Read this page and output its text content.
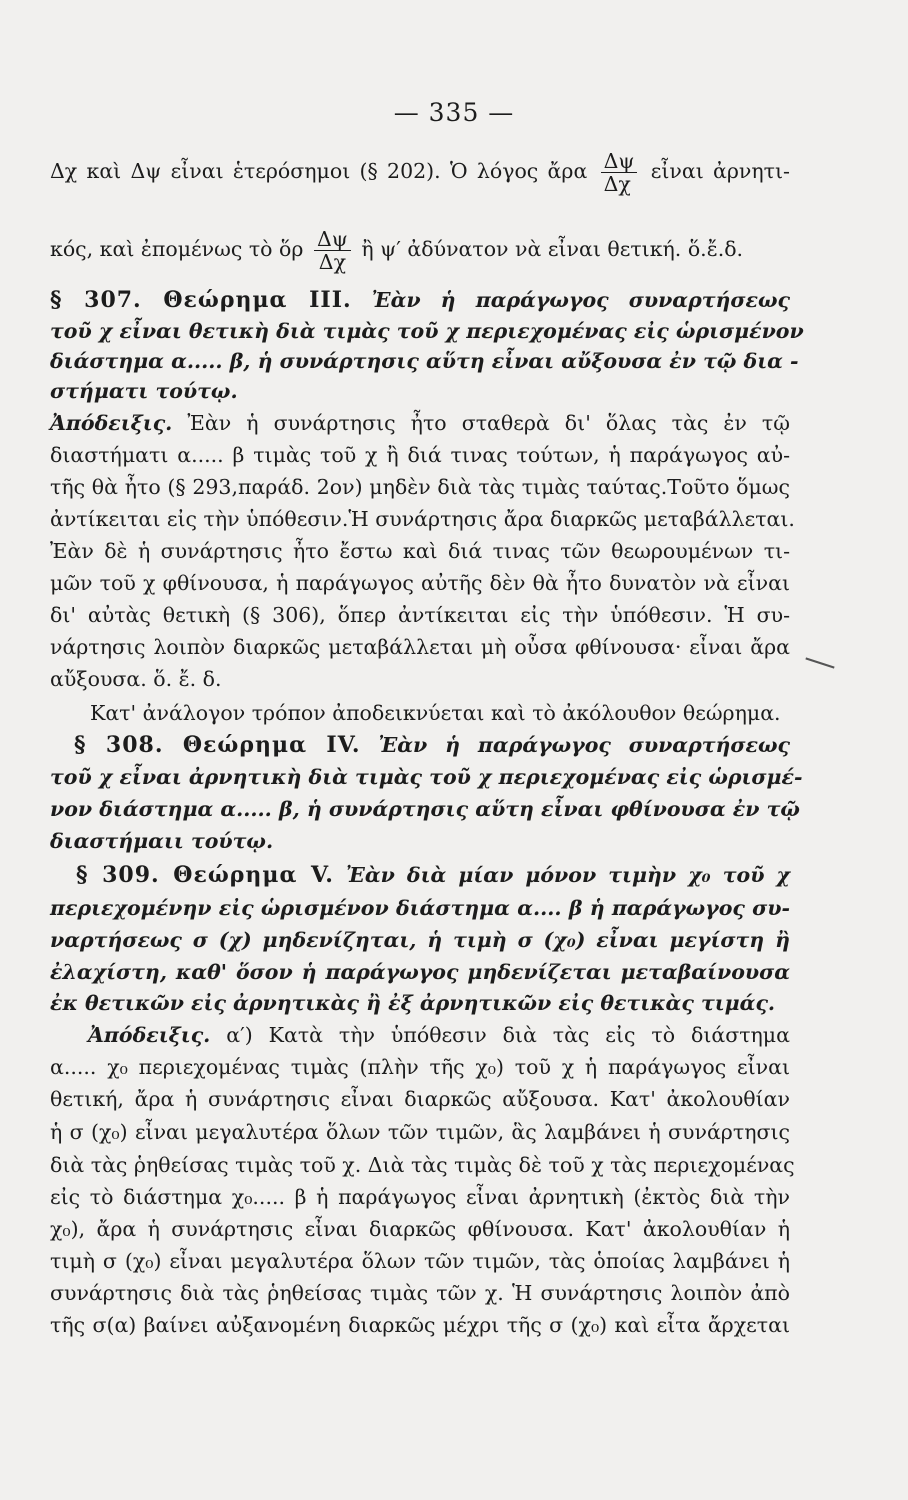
— 335 —
Δχ καὶ Δψ εἶναι ἑτερόσημοι (§ 202). Ὁ λόγος ἄρα $\frac{\Delta\psi}{\Delta\chi}$ εἶναι ἀρνητι-
κός, καὶ ἐπομένως τὸ ὅρ $\frac{\Delta\psi}{\Delta\chi}$ ἢ ψ′ ἀδύνατον νὰ εἶναι θετική. ὅ.ἔ.δ.
§ 307. Θεώρημα III. Ἐὰν ἡ παράγωγος συναρτήσεως
τοῦ χ εἶναι θετικὴ διὰ τιμὰς τοῦ χ περιεχομένας εἰς ὡρισμένον
διάστημα α..... β, ἡ συνάρτησις αὕτη εἶναι αὔξουσα ἐν τῷ δια -
στήματι τούτῳ.
Ἀπόδειξις. Ἐὰν ἡ συνάρτησις ἦτο σταθερὰ δι' ὅλας τὰς ἐν τῷ
διαστήματι α..... β τιμὰς τοῦ χ ἢ διά τινας τούτων, ἡ παράγωγος αὐ-
τῆς θὰ ἦτο (§ 293,παράδ. 2ον) μηδὲν διὰ τὰς τιμὰς ταύτας.Τοῦτο ὅμως
ἀντίκειται εἰς τὴν ὑπόθεσιν.Ἡ συνάρτησις ἄρα διαρκῶς μεταβάλλεται.
Ἐὰν δὲ ἡ συνάρτησις ἦτο ἔστω καὶ διά τινας τῶν θεωρουμένων τι-
μῶν τοῦ χ φθίνουσα, ἡ παράγωγος αὐτῆς δὲν θὰ ἦτο δυνατὸν νὰ εἶναι
δι' αὐτὰς θετικὴ (§ 306), ὅπερ ἀντίκειται εἰς τὴν ὑπόθεσιν. Ἡ συ-
νάρτησις λοιπὸν διαρκῶς μεταβάλλεται μὴ οὖσα φθίνουσα· εἶναι ἄρα
αὔξουσα. ὅ. ἔ. δ.
Κατ' ἀνάλογον τρόπον ἀποδεικνύεται καὶ τὸ ἀκόλουθον θεώρημα.
§ 308. Θεώρημα IV. Ἐὰν ἡ παράγωγος συναρτήσεως
τοῦ χ εἶναι ἀρνητικὴ διὰ τιμὰς τοῦ χ περιεχομένας εἰς ὡρισμέ-
νον διάστημα α..... β, ἡ συνάρτησις αὕτη εἶναι φθίνουσα ἐν τῷ
διαστήμαιι τούτῳ.
§ 309. Θεώρημα V. Ἐὰν διὰ μίαν μόνον τιμὴν χ₀ τοῦ χ
περιεχομένην εἰς ὡρισμένον διάστημα α.... β ἡ παράγωγος συ-
ναρτήσεως σ (χ) μηδενίζηται, ἡ τιμὴ σ (χ₀) εἶναι μεγίστη ἢ
ἐλαχίστη, καθ' ὅσον ἡ παράγωγος μηδενίζεται μεταβαίνουσα
ἐκ θετικῶν εἰς ἀρνητικὰς ἢ ἐξ ἀρνητικῶν εἰς θετικὰς τιμάς.
Ἀπόδειξις. α′) Κατὰ τὴν ὑπόθεσιν διὰ τὰς εἰς τὸ διάστημα
α..... χ₀ περιεχομένας τιμὰς (πλὴν τῆς χ₀) τοῦ χ ἡ παράγωγος εἶναι
θετική, ἄρα ἡ συνάρτησις εἶναι διαρκῶς αὔξουσα. Κατ' ἀκολουθίαν
ἡ σ (χ₀) εἶναι μεγαλυτέρα ὅλων τῶν τιμῶν, ἃς λαμβάνει ἡ συνάρτησις
διὰ τὰς ῥηθείσας τιμὰς τοῦ χ. Διὰ τὰς τιμὰς δὲ τοῦ χ τὰς περιεχομένας
εἰς τὸ διάστημα χ₀..... β ἡ παράγωγος εἶναι ἀρνητικὴ (ἐκτὸς διὰ τὴν
χ₀), ἄρα ἡ συνάρτησις εἶναι διαρκῶς φθίνουσα. Κατ' ἀκολουθίαν ἡ
τιμὴ σ (χ₀) εἶναι μεγαλυτέρα ὅλων τῶν τιμῶν, τὰς ὁποίας λαμβάνει ἡ
συνάρτησις διὰ τὰς ῥηθείσας τιμὰς τῶν χ. Ἡ συνάρτησις λοιπὸν ἀπὸ
τῆς σ(α) βαίνει αὐξανομένη διαρκῶς μέχρι τῆς σ (χ₀) καὶ εἶτα ἄρχεται
